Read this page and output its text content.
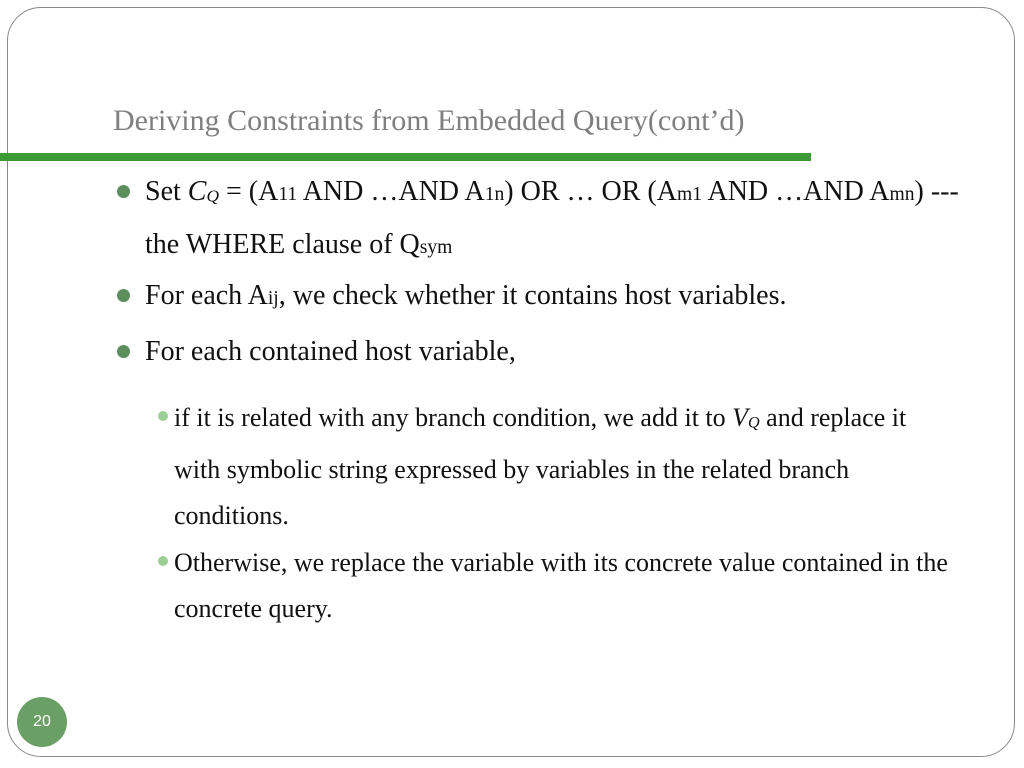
Deriving Constraints from Embedded Query(cont’d)
Set $C_Q = (A11$ AND …AND A1n) OR … OR (Am1 AND …AND Amn) --- the WHERE clause of Qsym
For each Aij, we check whether it contains host variables.
For each contained host variable,
if it is related with any branch condition, we add it to $V_Q$ and replace it with symbolic string expressed by variables in the related branch conditions.
Otherwise, we replace the variable with its concrete value contained in the concrete query.
20
